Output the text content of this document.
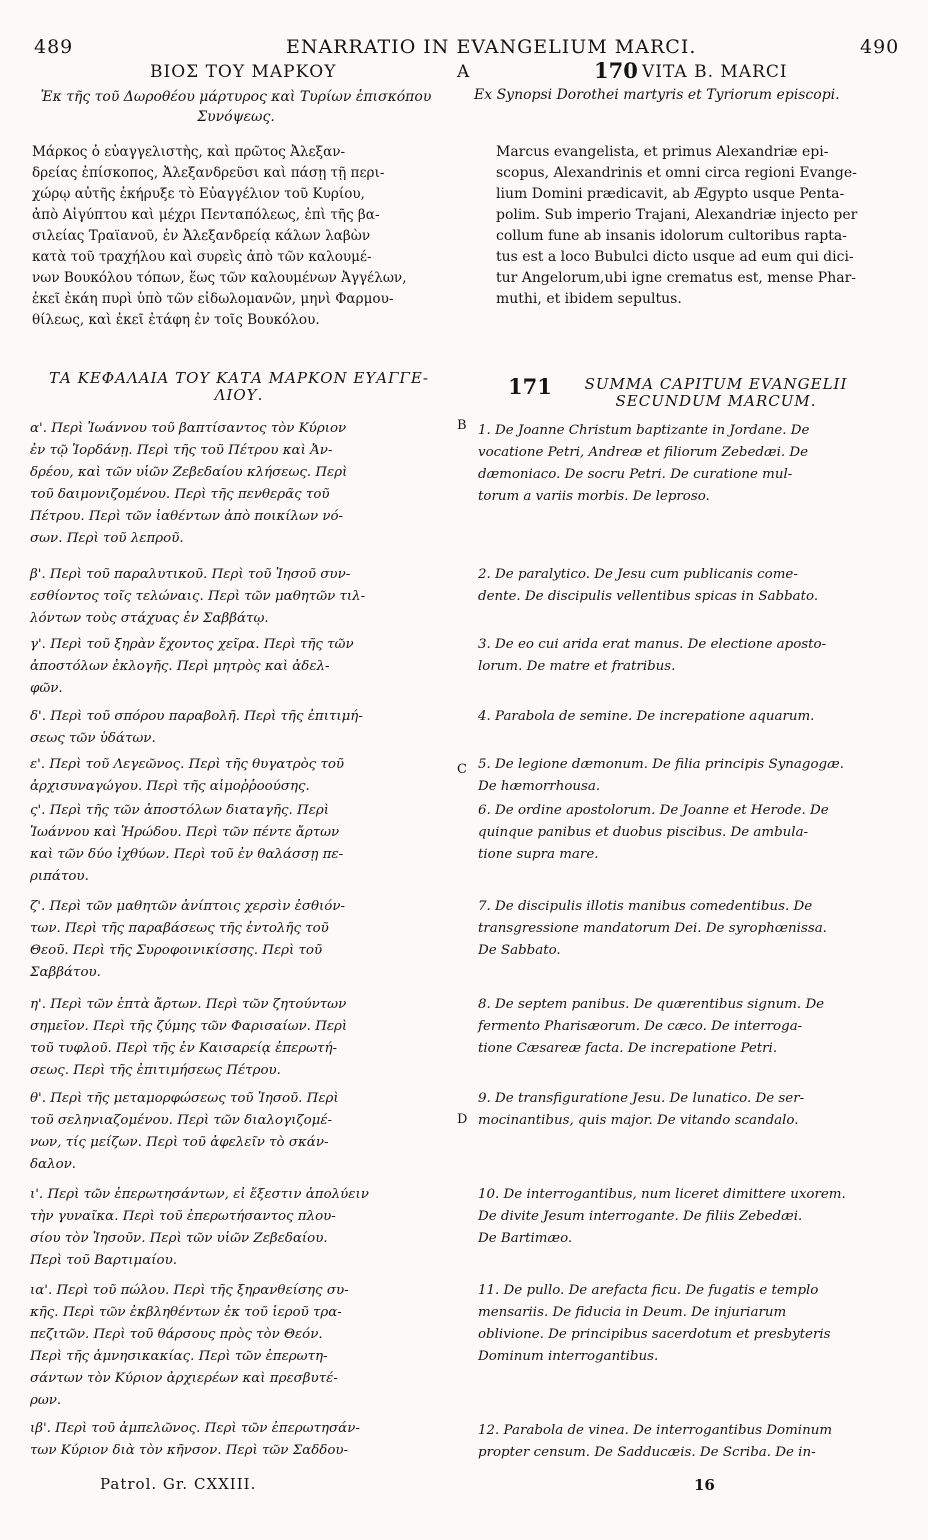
489	ENARRATIO IN EVANGELIUM MARCI.	490
ΒΙΟΣ ΤΟΥ ΜΑΡΚΟΥ	A	170 VITA B. MARCI
Ἐκ τῆς τοῦ Δωροθέου μάρτυρος καὶ Τυρίων ἐπισκόπου Συνόψεως.
Ex Synopsi Dorothei martyris et Tyriorum episcopi.
Μάρκος ὁ εὐαγγελιστὴς, καὶ πρῶτος Ἀλεξαν-
δρείας ἐπίσκοπος, Ἀλεξανδρεῦσι καὶ πάσῃ τῇ περι-
χώρῳ αὐτῆς ἐκήρυξε τὸ Εὐαγγέλιον τοῦ Κυρίου,
ἀπὸ Αἰγύπτου καὶ μέχρι Πενταπόλεως, ἐπὶ τῆς βα-
σιλείας Τραϊανοῦ, ἐν Ἀλεξανδρείᾳ κάλων λαβὼν
κατὰ τοῦ τραχήλου καὶ συρεὶς ἀπὸ τῶν καλουμέ-
νων Βουκόλου τόπων, ἕως τῶν καλουμένων Ἀγγέλων,
ἐκεῖ ἐκάη πυρὶ ὑπὸ τῶν εἰδωλομανῶν, μηνὶ Φαρμου-
θίλεως, καὶ ἐκεῖ ἐτάφη ἐν τοῖς Βουκόλου.
Marcus evangelista, et primus Alexandriæ epi-
scopus, Alexandrinis et omni circa regioni Evange-
lium Domini prædicavit, ab Ægypto usque Penta-
polim. Sub imperio Trajani, Alexandriæ injecto per
collum fune ab insanis idolorum cultoribus rapta-
tus est a loco Bubulci dicto usque ad eum qui dici-
tur Angelorum,ubi igne crematus est, mense Phar-
muthi, et ibidem sepultus.
ΤΑ ΚΕΦΑΛΑΙΑ ΤΟΥ ΚΑΤΑ ΜΑΡΚΟΝ ΕΥΑΓΓΕ-
ΛΙΟΥ.	171	SUMMA CAPITUM EVANGELII
SECUNDUM MARCUM.
B
C
D
α'. Περὶ Ἰωάννου τοῦ βαπτίσαντος τὸν Κύριον
ἐν τῷ Ἰορδάνῃ. Περὶ τῆς τοῦ Πέτρου καὶ Ἀν-
δρέου, καὶ τῶν υἱῶν Ζεβεδαίου κλήσεως. Περὶ
τοῦ δαιμονιζομένου. Περὶ τῆς πενθερᾶς τοῦ
Πέτρου. Περὶ τῶν ἰαθέντων ἀπὸ ποικίλων νό-
σων. Περὶ τοῦ λεπροῦ.
β'. Περὶ τοῦ παραλυτικοῦ. Περὶ τοῦ Ἰησοῦ συν-
εσθίοντος τοῖς τελώναις. Περὶ τῶν μαθητῶν τιλ-
λόντων τοὺς στάχυας ἐν Σαββάτῳ.
γ'. Περὶ τοῦ ξηρὰν ἔχοντος χεῖρα. Περὶ τῆς τῶν
ἀποστόλων ἐκλογῆς. Περὶ μητρὸς καὶ ἀδελ-
φῶν.
δ'. Περὶ τοῦ σπόρου παραβολῆ. Περὶ τῆς ἐπιτιμή-
σεως τῶν ὑδάτων.
ε'. Περὶ τοῦ Λεγεῶνος. Περὶ τῆς θυγατρὸς τοῦ
ἀρχισυναγώγου. Περὶ τῆς αἱμοῤῥοούσης.
ς'. Περὶ τῆς τῶν ἀποστόλων διαταγῆς. Περὶ
Ἰωάννου καὶ Ἡρώδου. Περὶ τῶν πέντε ἄρτων
καὶ τῶν δύο ἰχθύων. Περὶ τοῦ ἐν θαλάσσῃ πε-
ριπάτου.
ζ'. Περὶ τῶν μαθητῶν ἀνίπτοις χερσὶν ἐσθιόν-
των. Περὶ τῆς παραβάσεως τῆς ἐντολῆς τοῦ
Θεοῦ. Περὶ τῆς Συροφοινικίσσης. Περὶ τοῦ
Σαββάτου.
η'. Περὶ τῶν ἑπτὰ ἄρτων. Περὶ τῶν ζητούντων
σημεῖον. Περὶ τῆς ζύμης τῶν Φαρισαίων. Περὶ
τοῦ τυφλοῦ. Περὶ τῆς ἐν Καισαρείᾳ ἐπερωτή-
σεως. Περὶ τῆς ἐπιτιμήσεως Πέτρου.
θ'. Περὶ τῆς μεταμορφώσεως τοῦ Ἰησοῦ. Περὶ
τοῦ σεληνιαζομένου. Περὶ τῶν διαλογιζομέ-
νων, τίς μείζων. Περὶ τοῦ ἀφελεῖν τὸ σκάν-
δαλον.
ι'. Περὶ τῶν ἐπερωτησάντων, εἰ ἔξεστιν ἀπολύειν
τὴν γυναῖκα. Περὶ τοῦ ἐπερωτήσαντος πλου-
σίου τὸν Ἰησοῦν. Περὶ τῶν υἱῶν Ζεβεδαίου.
Περὶ τοῦ Βαρτιμαίου.
ια'. Περὶ τοῦ πώλου. Περὶ τῆς ξηρανθείσης συ-
κῆς. Περὶ τῶν ἐκβληθέντων ἐκ τοῦ ἱεροῦ τρα-
πεζιτῶν. Περὶ τοῦ θάρσους πρὸς τὸν Θεόν.
Περὶ τῆς ἀμνησικακίας. Περὶ τῶν ἐπερωτη-
σάντων τὸν Κύριον ἀρχιερέων καὶ πρεσβυτέ-
ρων.
ιβ'. Περὶ τοῦ ἀμπελῶνος. Περὶ τῶν ἐπερωτησάν-
των Κύριον διὰ τὸν κῆνσον. Περὶ τῶν Σαδδου-
1. De Joanne Christum baptizante in Jordane. De
vocatione Petri, Andreæ et filiorum Zebedæi. De
dæmoniaco. De socru Petri. De curatione mul-
torum a variis morbis. De leproso.
2. De paralytico. De Jesu cum publicanis come-
dente. De discipulis vellentibus spicas in Sabbato.
3. De eo cui arida erat manus. De electione aposto-
lorum. De matre et fratribus.
4. Parabola de semine. De increpatione aquarum.
5. De legione dæmonum. De filia principis Synagogæ.
De hæmorrhousa.
6. De ordine apostolorum. De Joanne et Herode. De
quinque panibus et duobus piscibus. De ambula-
tione supra mare.
7. De discipulis illotis manibus comedentibus. De
transgressione mandatorum Dei. De syrophœnissa.
De Sabbato.
8. De septem panibus. De quærentibus signum. De
fermento Pharisæorum. De cæco. De interroga-
tione Cæsareæ facta. De increpatione Petri.
9. De transfiguratione Jesu. De lunatico. De ser-
mocinantibus, quis major. De vitando scandalo.
10. De interrogantibus, num liceret dimittere uxorem.
De divite Jesum interrogante. De filiis Zebedæi.
De Bartimæo.
11. De pullo. De arefacta ficu. De fugatis e templo
mensariis. De fiducia in Deum. De injuriarum
oblivione. De principibus sacerdotum et presbyteris
Dominum interrogantibus.
12. Parabola de vinea. De interrogantibus Dominum
propter censum. De Sadducæis. De Scriba. De in-
Patrol. Gr. CXXIII.	16
